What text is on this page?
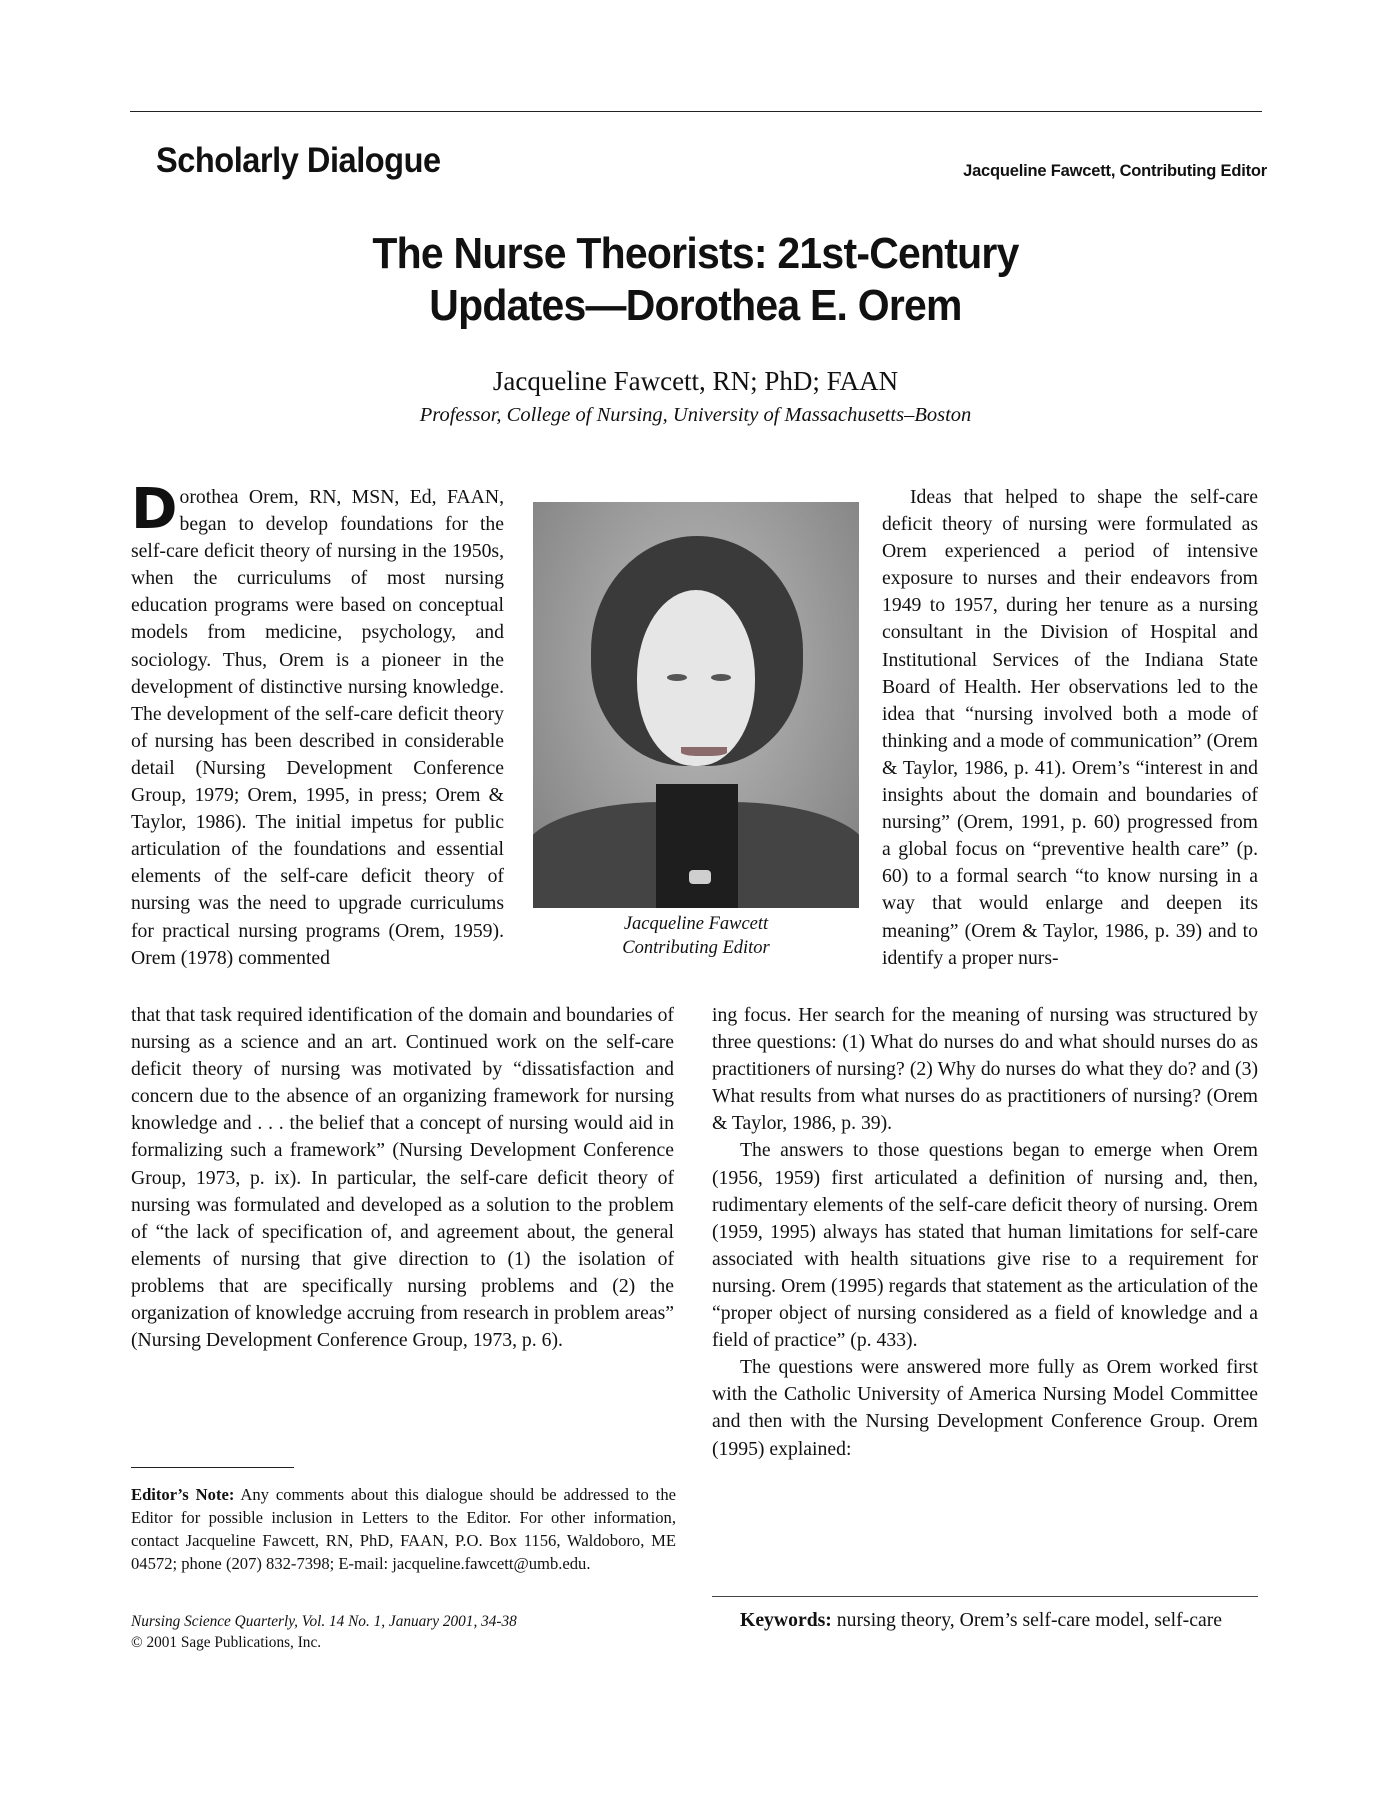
Scholarly Dialogue	Jacqueline Fawcett, Contributing Editor
The Nurse Theorists: 21st-Century
Updates—Dorothea E. Orem
Jacqueline Fawcett, RN; PhD; FAAN
Professor, College of Nursing, University of Massachusetts–Boston
Dorothea Orem, RN, MSN, Ed, FAAN, began to develop foundations for the self-care deficit theory of nursing in the 1950s, when the curriculums of most nursing education programs were based on conceptual models from medicine, psychology, and sociology. Thus, Orem is a pioneer in the development of distinctive nursing knowledge. The development of the self-care deficit theory of nursing has been described in considerable detail (Nursing Development Conference Group, 1979; Orem, 1995, in press; Orem & Taylor, 1986). The initial impetus for public articulation of the foundations and essential elements of the self-care deficit theory of nursing was the need to upgrade curriculums for practical nursing programs (Orem, 1959). Orem (1978) commented
Jacqueline Fawcett
Contributing Editor

Ideas that helped to shape the self-care deficit theory of nursing were formulated as Orem experienced a period of intensive exposure to nurses and their endeavors from 1949 to 1957, during her tenure as a nursing consultant in the Division of Hospital and Institutional Services of the Indiana State Board of Health. Her observations led to the idea that “nursing involved both a mode of thinking and a mode of communication” (Orem & Taylor, 1986, p. 41). Orem’s “interest in and insights about the domain and boundaries of nursing” (Orem, 1991, p. 60) progressed from a global focus on “preventive health care” (p. 60) to a formal search “to know nursing in a way that would enlarge and deepen its meaning” (Orem & Taylor, 1986, p. 39) and to identify a proper nurs-

that that task required identification of the domain and boundaries of nursing as a science and an art. Continued work on the self-care deficit theory of nursing was motivated by “dissatisfaction and concern due to the absence of an organizing framework for nursing knowledge and . . . the belief that a concept of nursing would aid in formalizing such a framework” (Nursing Development Conference Group, 1973, p. ix). In particular, the self-care deficit theory of nursing was formulated and developed as a solution to the problem of “the lack of specification of, and agreement about, the general elements of nursing that give direction to (1) the isolation of problems that are specifically nursing problems and (2) the organization of knowledge accruing from research in problem areas” (Nursing Development Conference Group, 1973, p. 6).

ing focus. Her search for the meaning of nursing was structured by three questions: (1) What do nurses do and what should nurses do as practitioners of nursing? (2) Why do nurses do what they do? and (3) What results from what nurses do as practitioners of nursing? (Orem & Taylor, 1986, p. 39).

The answers to those questions began to emerge when Orem (1956, 1959) first articulated a definition of nursing and, then, rudimentary elements of the self-care deficit theory of nursing. Orem (1959, 1995) always has stated that human limitations for self-care associated with health situations give rise to a requirement for nursing. Orem (1995) regards that statement as the articulation of the “proper object of nursing considered as a field of knowledge and a field of practice” (p. 433).

The questions were answered more fully as Orem worked first with the Catholic University of America Nursing Model Committee and then with the Nursing Development Conference Group. Orem (1995) explained:

Editor’s Note: Any comments about this dialogue should be addressed to the Editor for possible inclusion in Letters to the Editor. For other information, contact Jacqueline Fawcett, RN, PhD, FAAN, P.O. Box 1156, Waldoboro, ME 04572; phone (207) 832-7398; E-mail: jacqueline.fawcett@umb.edu.
Nursing Science Quarterly, Vol. 14 No. 1, January 2001, 34-38
© 2001 Sage Publications, Inc.
Keywords: nursing theory, Orem’s self-care model, self-care
